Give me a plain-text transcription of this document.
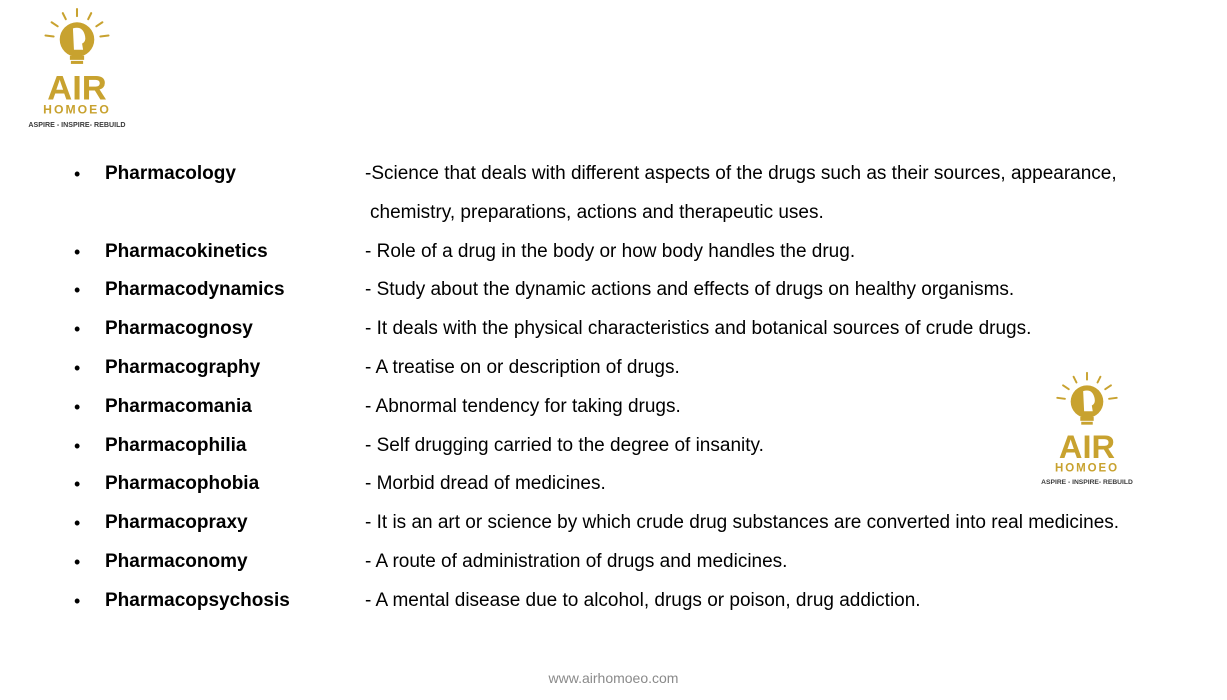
AIR
HOMOEO
ASPIRE - INSPIRE- REBUILD
• Pharmacology	-Science that deals with different aspects of the drugs such as their sources, appearance,
chemistry, preparations, actions and therapeutic uses.
• Pharmacokinetics	- Role of a drug in the body or how body handles the drug.
• Pharmacodynamics	- Study about the dynamic actions and effects of drugs on healthy organisms.
• Pharmacognosy	- It deals with the physical characteristics and botanical sources of crude drugs.
• Pharmacography	- A treatise on or description of drugs.
• Pharmacomania	- Abnormal tendency for taking drugs.
• Pharmacophilia	- Self drugging carried to the degree of insanity.
• Pharmacophobia	- Morbid dread of medicines.
• Pharmacopraxy	- It is an art or science by which crude drug substances are converted into real medicines.
• Pharmaconomy	- A route of administration of drugs and medicines.
• Pharmacopsychosis	- A mental disease due to alcohol, drugs or poison, drug addiction.
AIR
HOMOEO
ASPIRE - INSPIRE- REBUILD
www.airhomoeo.com
